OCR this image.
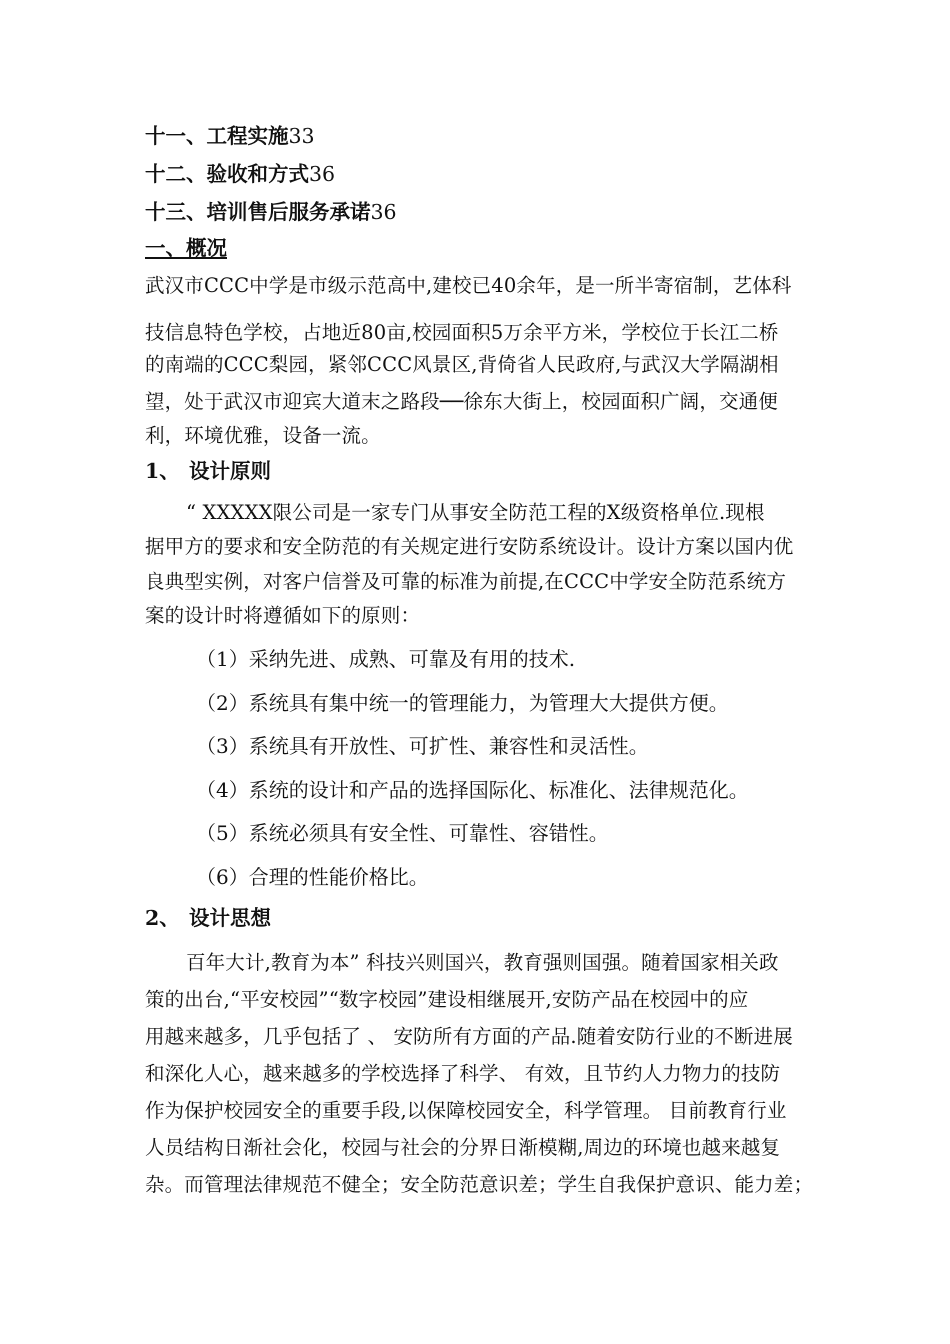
十一、工程实施33
十二、验收和方式36
十三、培训售后服务承诺36
一、概况
武汉市CCC中学是市级示范高中,建校已40余年，是一所半寄宿制，艺体科
技信息特色学校，占地近80亩,校园面积5万余平方米，学校位于长江二桥
的南端的CCC梨园，紧邻CCC风景区,背倚省人民政府,与武汉大学隔湖相
望，处于武汉市迎宾大道末之路段──徐东大街上，校园面积广阔，交通便
利，环境优雅，设备一流。
1、 设计原则
“ XXXXX限公司是一家专门从事安全防范工程的X级资格单位.现根
据甲方的要求和安全防范的有关规定进行安防系统设计。设计方案以国内优
良典型实例，对客户信誉及可靠的标准为前提,在CCC中学安全防范系统方
案的设计时将遵循如下的原则：
（1）采纳先进、成熟、可靠及有用的技术.
（2）系统具有集中统一的管理能力，为管理大大提供方便。
（3）系统具有开放性、可扩性、兼容性和灵活性。
（4）系统的设计和产品的选择国际化、标准化、法律规范化。
（5）系统必须具有安全性、可靠性、容错性。
（6）合理的性能价格比。
2、 设计思想
百年大计,教育为本” 科技兴则国兴，教育强则国强。随着国家相关政
策的出台,“平安校园”“数字校园”建设相继展开,安防产品在校园中的应
用越来越多，几乎包括了 、 安防所有方面的产品.随着安防行业的不断进展
和深化人心，越来越多的学校选择了科学、 有效，且节约人力物力的技防
作为保护校园安全的重要手段,以保障校园安全，科学管理。 目前教育行业
人员结构日渐社会化，校园与社会的分界日渐模糊,周边的环境也越来越复
杂。而管理法律规范不健全；安全防范意识差；学生自我保护意识、能力差；
